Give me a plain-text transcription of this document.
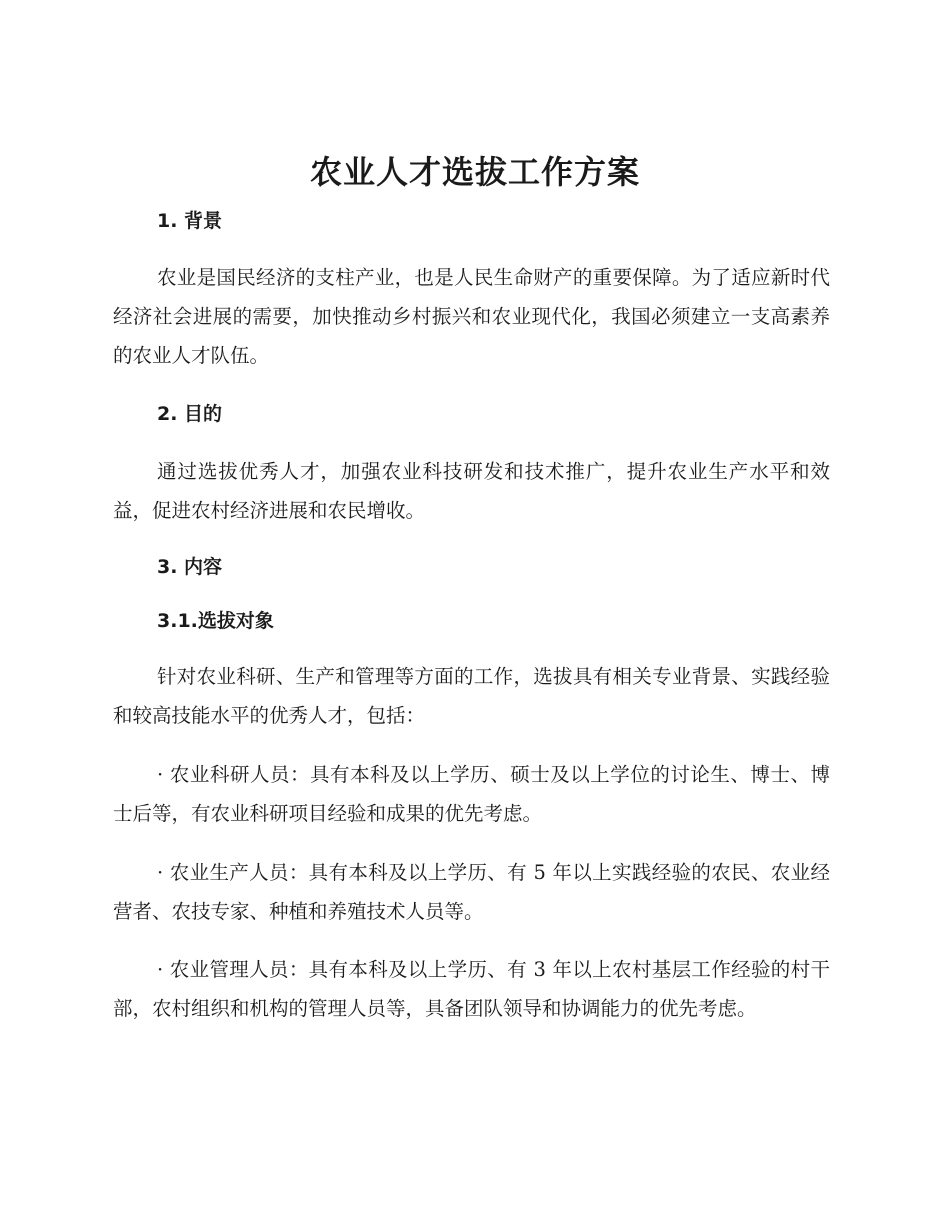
农业人才选拔工作方案
1. 背景

农业是国民经济的支柱产业，也是人民生命财产的重要保障。为了适应新时代经济社会进展的需要，加快推动乡村振兴和农业现代化，我国必须建立一支高素养的农业人才队伍。

2. 目的

通过选拔优秀人才，加强农业科技研发和技术推广，提升农业生产水平和效益，促进农村经济进展和农民增收。

3. 内容
3.1.选拔对象

针对农业科研、生产和管理等方面的工作，选拔具有相关专业背景、实践经验和较高技能水平的优秀人才，包括：

· 农业科研人员：具有本科及以上学历、硕士及以上学位的讨论生、博士、博士后等，有农业科研项目经验和成果的优先考虑。

· 农业生产人员：具有本科及以上学历、有 5 年以上实践经验的农民、农业经营者、农技专家、种植和养殖技术人员等。

· 农业管理人员：具有本科及以上学历、有 3 年以上农村基层工作经验的村干部，农村组织和机构的管理人员等，具备团队领导和协调能力的优先考虑。
